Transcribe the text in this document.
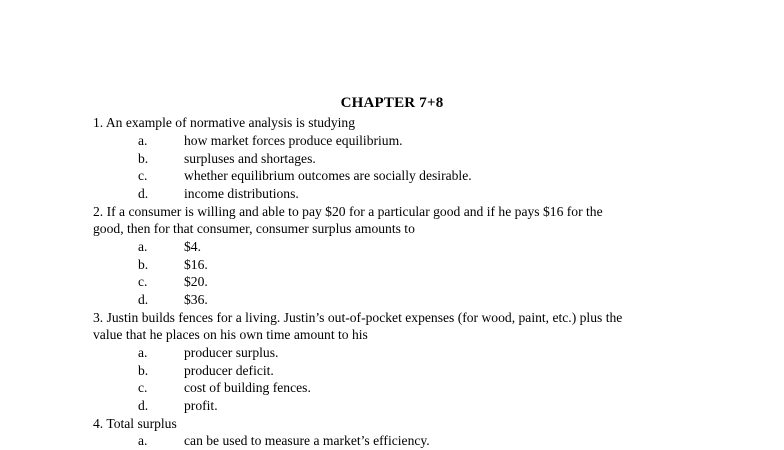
CHAPTER 7+8
1. An example of normative analysis is studying
a.	how market forces produce equilibrium.
b.	surpluses and shortages.
c.	whether equilibrium outcomes are socially desirable.
d.	income distributions.
2. If a consumer is willing and able to pay $20 for a particular good and if he pays $16 for the
good, then for that consumer, consumer surplus amounts to
a.	$4.
b.	$16.
c.	$20.
d.	$36.
3. Justin builds fences for a living. Justin’s out-of-pocket expenses (for wood, paint, etc.) plus the
value that he places on his own time amount to his
a.	producer surplus.
b.	producer deficit.
c.	cost of building fences.
d.	profit.
4. Total surplus
a.	can be used to measure a market’s efficiency.
